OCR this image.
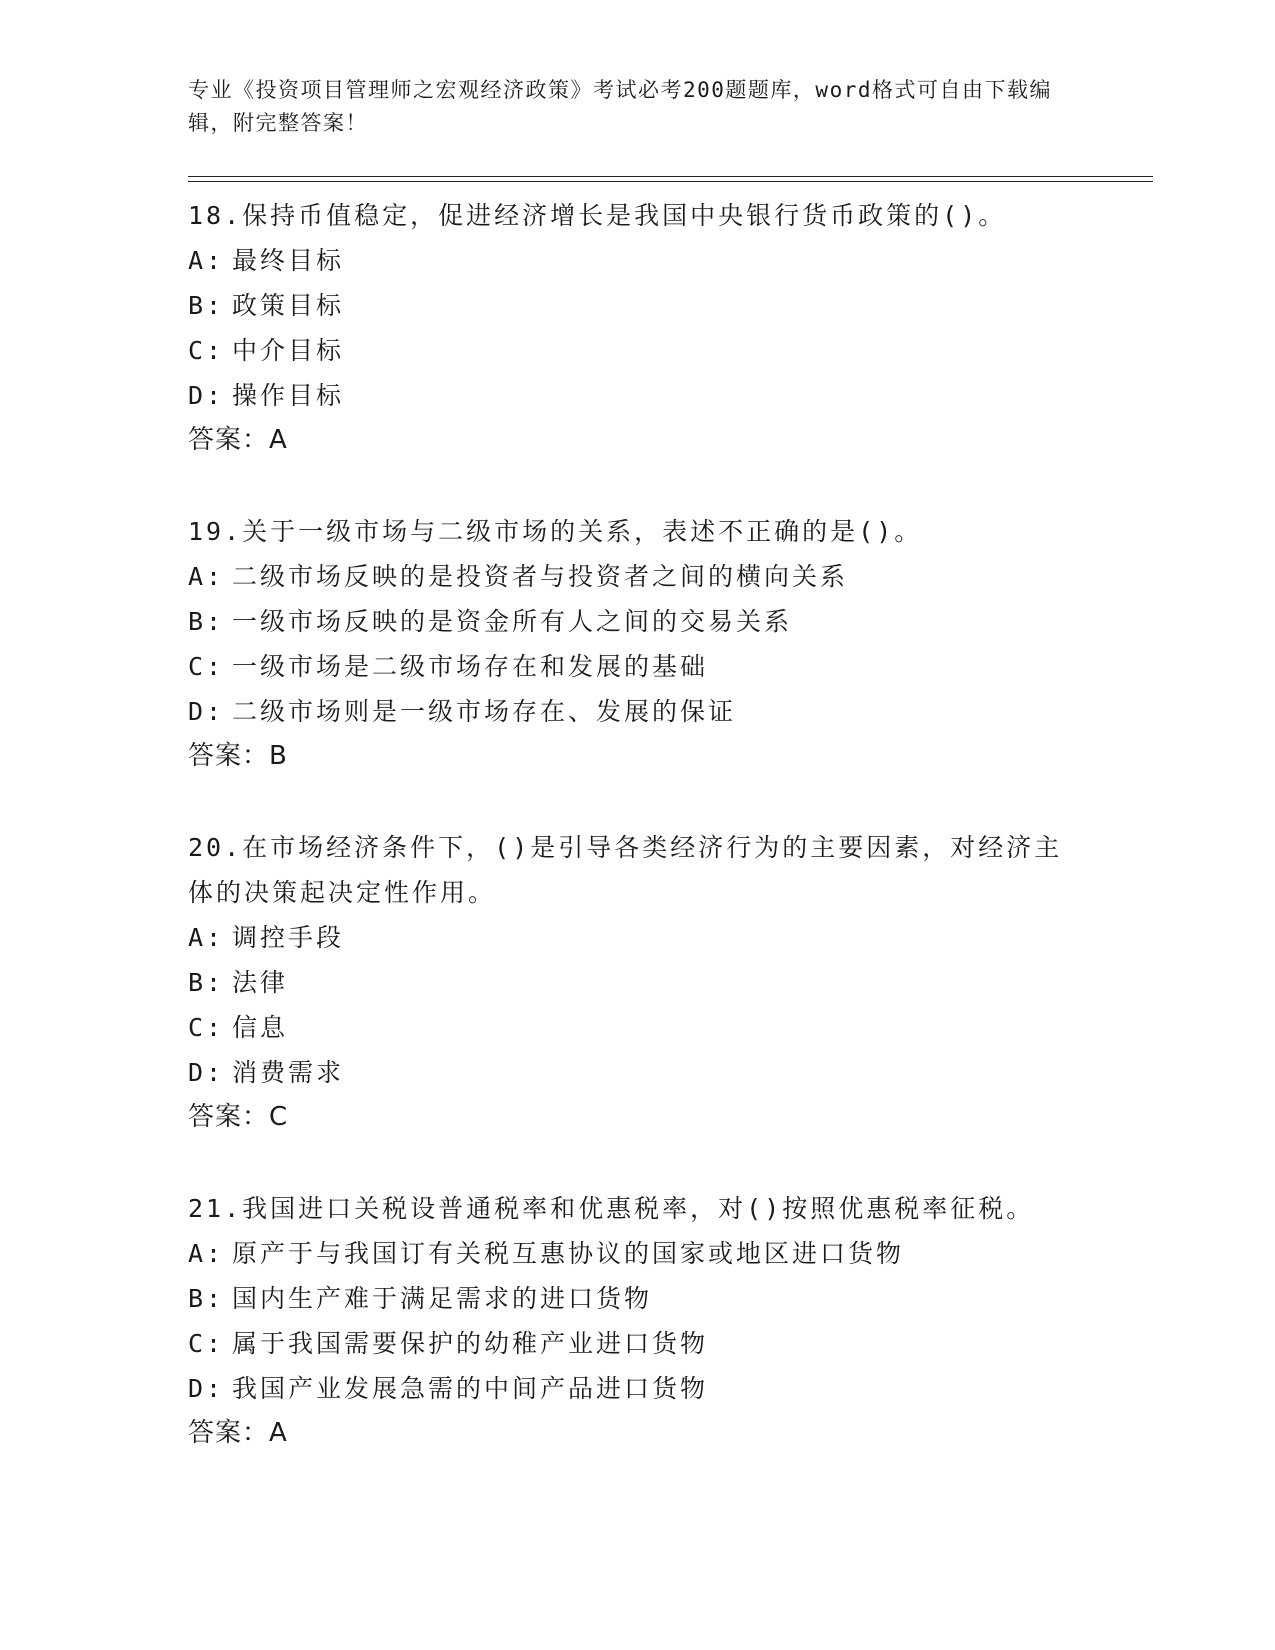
专业《投资项目管理师之宏观经济政策》考试必考200题题库，word格式可自由下载编辑，附完整答案！
18.保持币值稳定，促进经济增长是我国中央银行货币政策的()。
A: 最终目标
B: 政策目标
C: 中介目标
D: 操作目标
答案：A
19.关于一级市场与二级市场的关系，表述不正确的是()。
A: 二级市场反映的是投资者与投资者之间的横向关系
B: 一级市场反映的是资金所有人之间的交易关系
C: 一级市场是二级市场存在和发展的基础
D: 二级市场则是一级市场存在、发展的保证
答案：B
20.在市场经济条件下，()是引导各类经济行为的主要因素，对经济主体的决策起决定性作用。
A: 调控手段
B: 法律
C: 信息
D: 消费需求
答案：C
21.我国进口关税设普通税率和优惠税率，对()按照优惠税率征税。
A: 原产于与我国订有关税互惠协议的国家或地区进口货物
B: 国内生产难于满足需求的进口货物
C: 属于我国需要保护的幼稚产业进口货物
D: 我国产业发展急需的中间产品进口货物
答案：A
